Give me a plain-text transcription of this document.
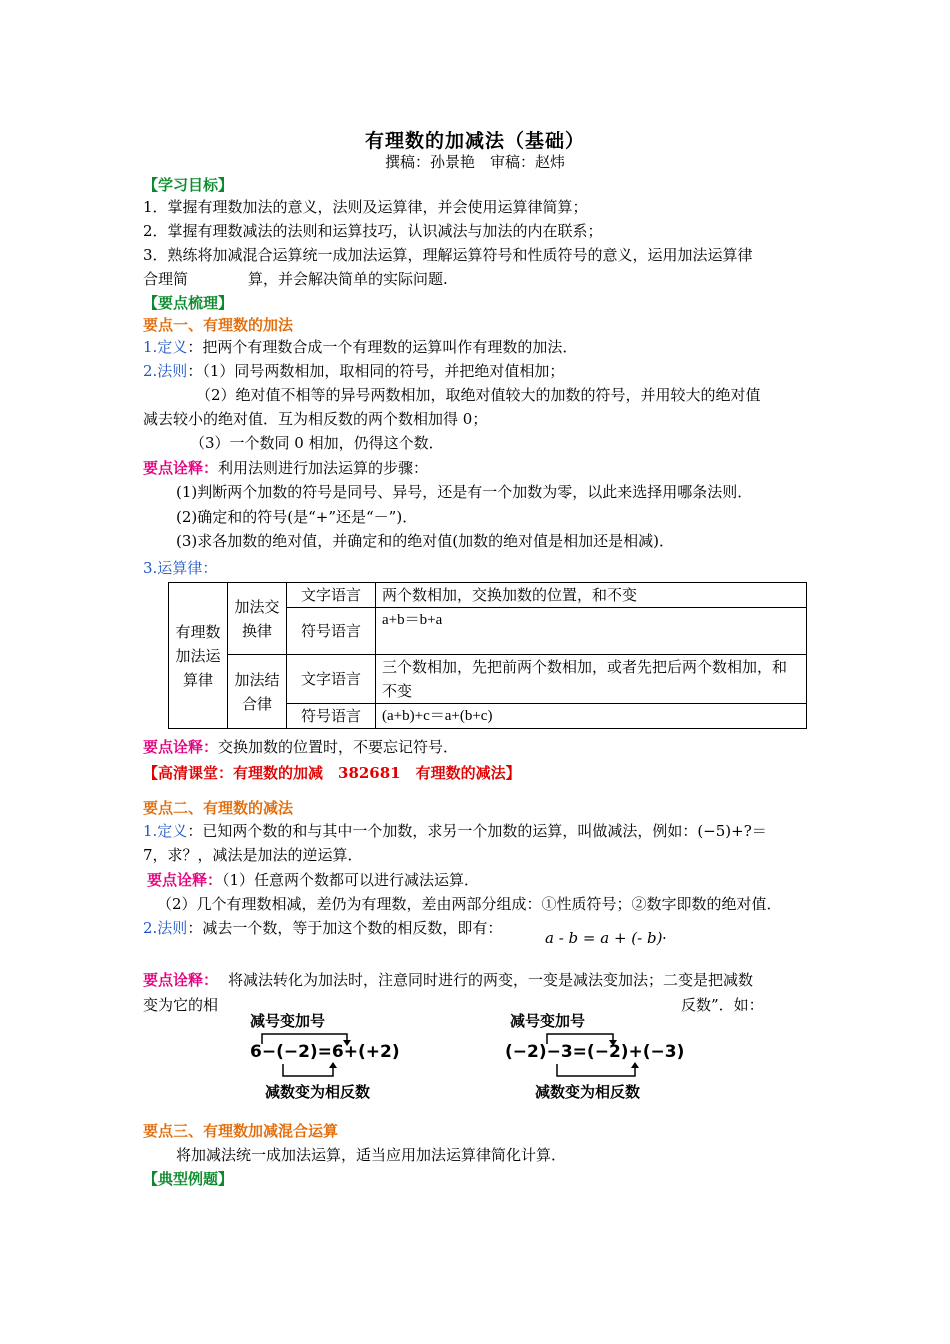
有理数的加减法（基础）
撰稿：孙景艳　审稿：赵炜
【学习目标】
1．掌握有理数加法的意义，法则及运算律，并会使用运算律简算；
2．掌握有理数减法的法则和运算技巧，认识减法与加法的内在联系；
3．熟练将加减混合运算统一成加法运算，理解运算符号和性质符号的意义，运用加法运算律
合理简　　　　算，并会解决简单的实际问题.
【要点梳理】
要点一、有理数的加法
1.定义：把两个有理数合成一个有理数的运算叫作有理数的加法．
2.法则：（1）同号两数相加，取相同的符号，并把绝对值相加；
（2）绝对值不相等的异号两数相加，取绝对值较大的加数的符号，并用较大的绝对值
减去较小的绝对值．互为相反数的两个数相加得 0；
（3）一个数同 0 相加，仍得这个数．
要点诠释：利用法则进行加法运算的步骤：
(1)判断两个加数的符号是同号、异号，还是有一个加数为零，以此来选择用哪条法则．
(2)确定和的符号(是“+”还是“－”)．
(3)求各加数的绝对值，并确定和的绝对值(加数的绝对值是相加还是相减)．
3.运算律：
有理数加法运算律	加法交换律	文字语言	两个数相加，交换加数的位置，和不变
		符号语言	a+b＝b+a
	加法结合律	文字语言	三个数相加，先把前两个数相加，或者先把后两个数相加，和不变
		符号语言	(a+b)+c＝a+(b+c)
要点诠释：交换加数的位置时，不要忘记符号．
【高清课堂：有理数的加减　382681　有理数的减法】
要点二、有理数的减法
1.定义：已知两个数的和与其中一个加数，求另一个加数的运算，叫做减法，例如：(−5)+?＝
7，求？，减法是加法的逆运算．
要点诠释：（1）任意两个数都可以进行减法运算．
（2）几个有理数相减，差仍为有理数，差由两部分组成：①性质符号；②数字即数的绝对值．
2.法则：减去一个数，等于加这个数的相反数，即有：
a - b = a + (- b) .
要点诠释： 将减法转化为加法时，注意同时进行的两变，一变是减法变加法；二变是把减数
变为它的相	反数”．如：
减号变加号
6−(−2)=6+(+2)
减数变为相反数
减号变加号
(−2)−3=(−2)+(−3)
减数变为相反数
要点三、有理数加减混合运算
将加减法统一成加法运算，适当应用加法运算律简化计算．
【典型例题】
